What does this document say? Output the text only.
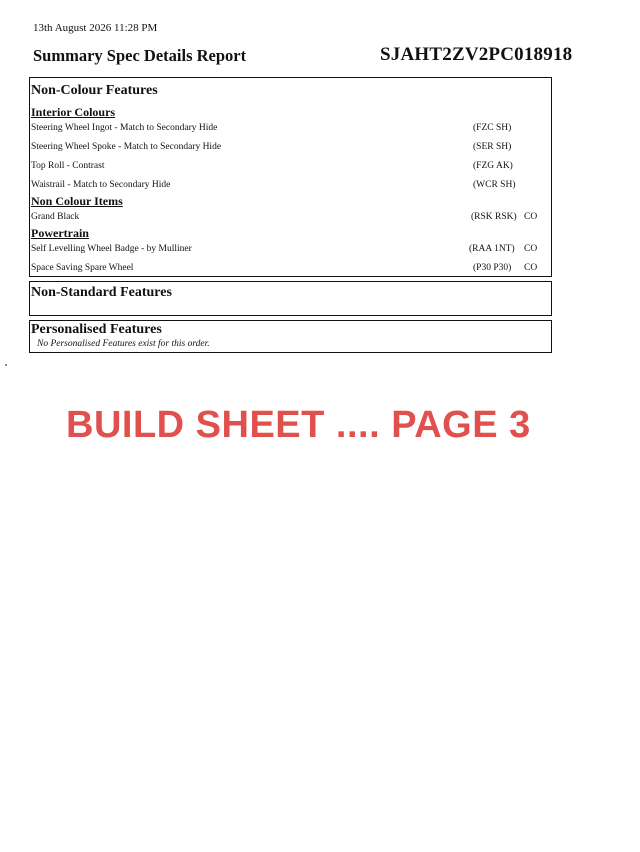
13th August 2026 11:28 PM
Summary Spec Details Report	SJAHT2ZV2PC018918
Non-Colour Features
Interior Colours
Steering Wheel Ingot - Match to Secondary Hide	(FZC SH)
Steering Wheel Spoke - Match to Secondary Hide	(SER SH)
Top Roll - Contrast	(FZG AK)
Waistrail - Match to Secondary Hide	(WCR SH)
Non Colour Items
Grand Black	(RSK RSK) CO
Powertrain
Self Levelling Wheel Badge - by Mulliner	(RAA 1NT) CO
Space Saving Spare Wheel	(P30 P30) CO
Non-Standard Features
Personalised Features
No Personalised Features exist for this order.
BUILD SHEET .... PAGE 3
